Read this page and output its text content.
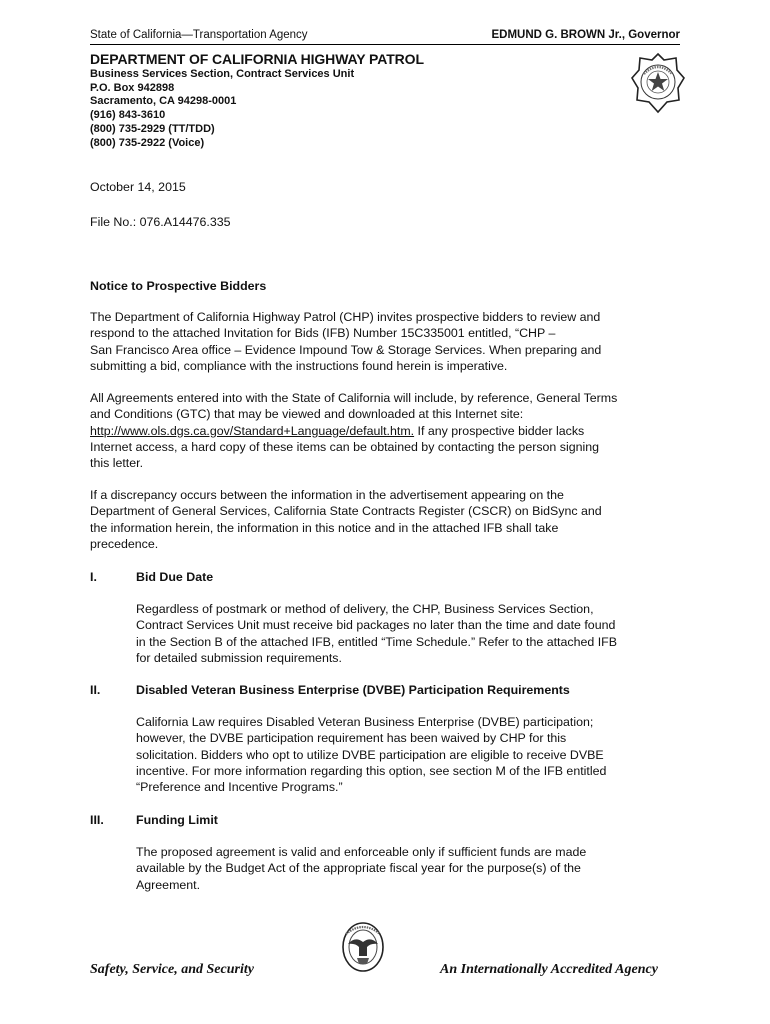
State of California—Transportation Agency	EDMUND G. BROWN Jr., Governor
DEPARTMENT OF CALIFORNIA HIGHWAY PATROL
Business Services Section, Contract Services Unit
P.O. Box 942898
Sacramento, CA 94298-0001
(916) 843-3610
(800) 735-2929 (TT/TDD)
(800) 735-2922 (Voice)
October 14, 2015
File No.: 076.A14476.335
Notice to Prospective Bidders
The Department of California Highway Patrol (CHP) invites prospective bidders to review and
respond to the attached Invitation for Bids (IFB) Number 15C335001 entitled, “CHP –
San Francisco Area office – Evidence Impound Tow & Storage Services. When preparing and
submitting a bid, compliance with the instructions found herein is imperative.
All Agreements entered into with the State of California will include, by reference, General Terms
and Conditions (GTC) that may be viewed and downloaded at this Internet site:
http://www.ols.dgs.ca.gov/Standard+Language/default.htm. If any prospective bidder lacks
Internet access, a hard copy of these items can be obtained by contacting the person signing
this letter.
If a discrepancy occurs between the information in the advertisement appearing on the
Department of General Services, California State Contracts Register (CSCR) on BidSync and
the information herein, the information in this notice and in the attached IFB shall take
precedence.
I.	Bid Due Date
Regardless of postmark or method of delivery, the CHP, Business Services Section,
Contract Services Unit must receive bid packages no later than the time and date found
in the Section B of the attached IFB, entitled “Time Schedule.” Refer to the attached IFB
for detailed submission requirements.
II.	Disabled Veteran Business Enterprise (DVBE) Participation Requirements
California Law requires Disabled Veteran Business Enterprise (DVBE) participation;
however, the DVBE participation requirement has been waived by CHP for this
solicitation. Bidders who opt to utilize DVBE participation are eligible to receive DVBE
incentive. For more information regarding this option, see section M of the IFB entitled
“Preference and Incentive Programs.”
III.	Funding Limit
The proposed agreement is valid and enforceable only if sufficient funds are made
available by the Budget Act of the appropriate fiscal year for the purpose(s) of the
Agreement.
Safety, Service, and Security	An Internationally Accredited Agency
